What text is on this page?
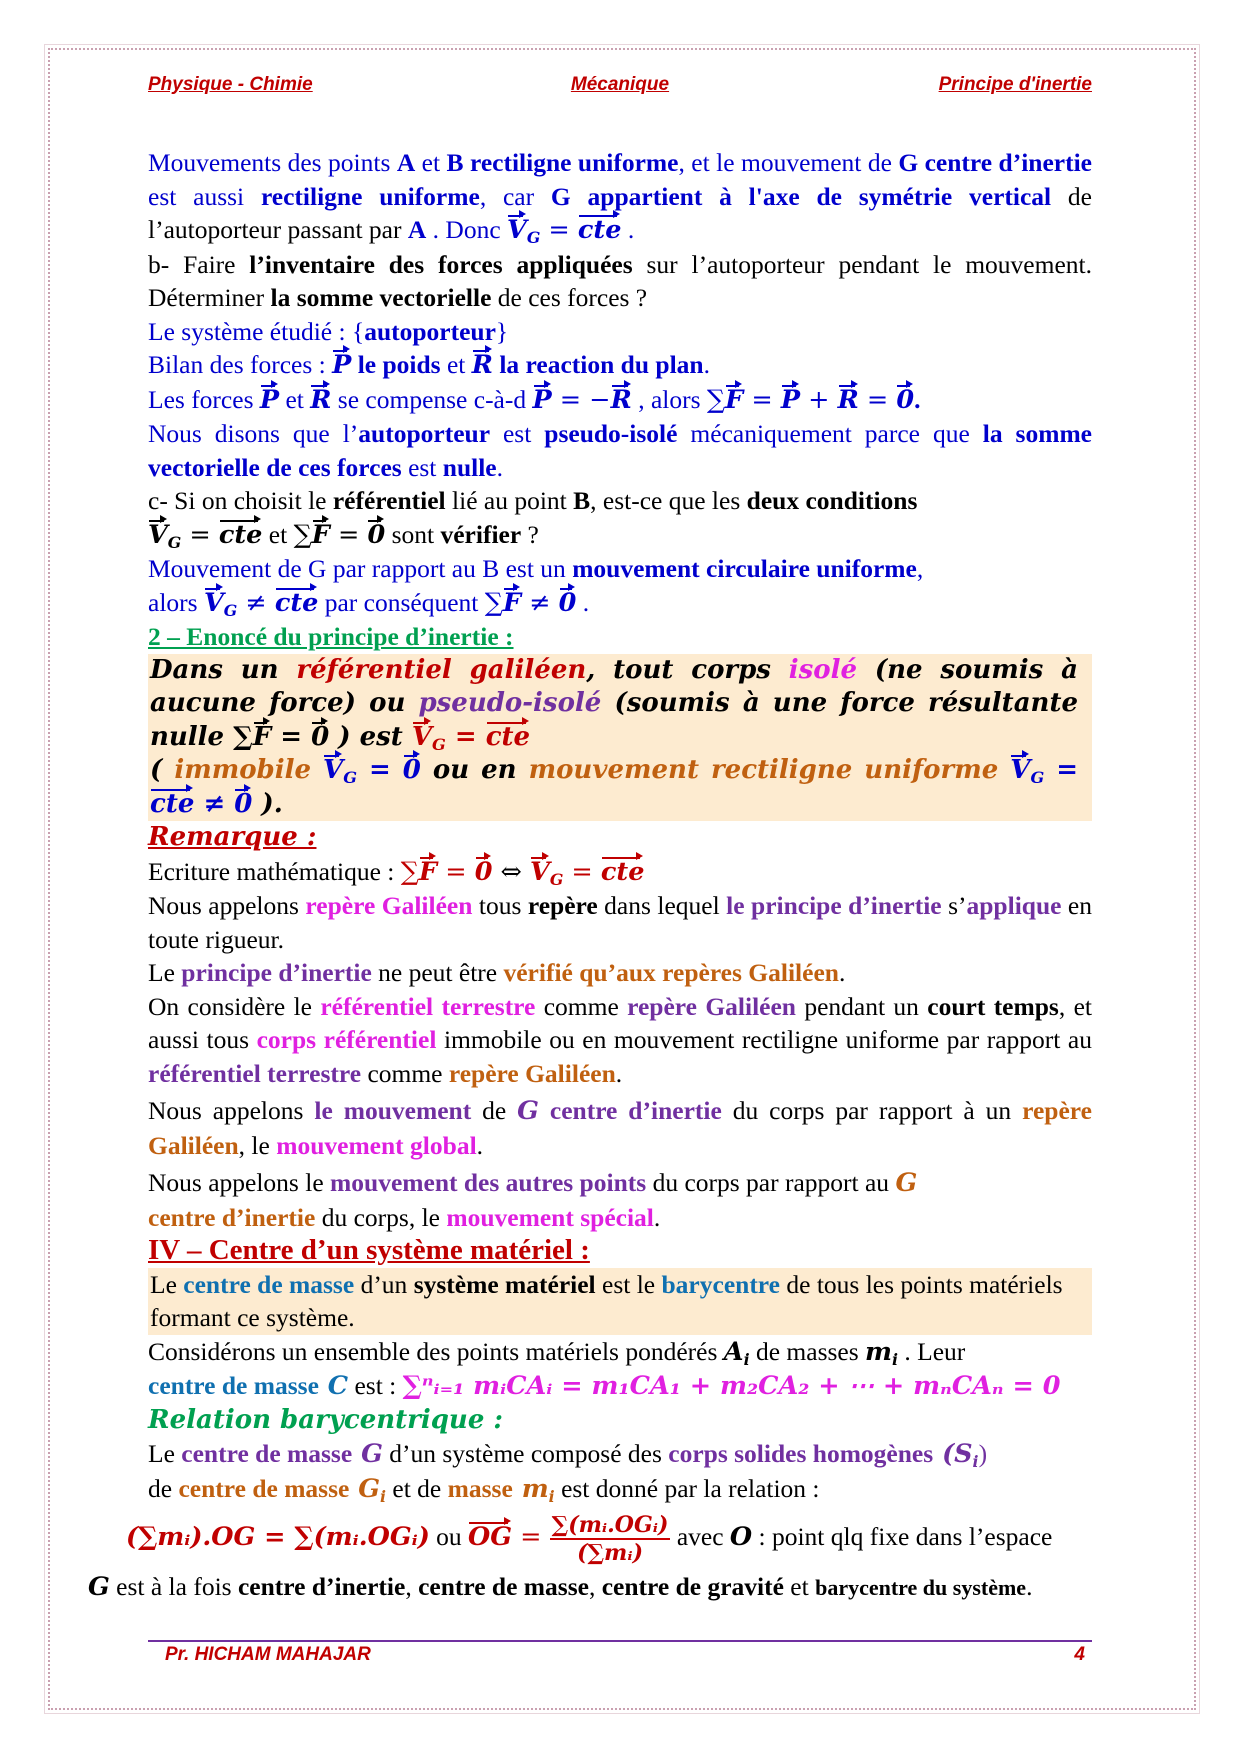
Physique - Chimie	Mécanique	Principe d'inertie

Mouvements des points A et B rectiligne uniforme, et le mouvement de G centre d’inertie est aussi rectiligne uniforme, car G appartient à l'axe de symétrie vertical de l’autoporteur passant par A . Donc $V_G$ = cte .

b- Faire l’inventaire des forces appliquées sur l’autoporteur pendant le mouvement. Déterminer la somme vectorielle de ces forces ?

Le système étudié : {autoporteur}

Bilan des forces : P le poids et R la reaction du plan.

Les forces P et R se compense c-à-d P = −R , alors ∑F = P + R = 0.

Nous disons que l’autoporteur est pseudo-isolé mécaniquement parce que la somme vectorielle de ces forces est nulle.

c- Si on choisit le référentiel lié au point B, est-ce que les deux conditions

$V_G$ = cte et ∑F = 0 sont vérifier ?

Mouvement de G par rapport au B est un mouvement circulaire uniforme,

alors $V_G$ ≠ cte par conséquent ∑F ≠ 0 .

2 – Enoncé du principe d’inertie :

Dans un référentiel galiléen, tout corps isolé (ne soumis à aucune force) ou pseudo-isolé (soumis à une force résultante nulle ∑F = 0 ) est $V_G$ = cte
( immobile $V_G = 0$ ou en mouvement rectiligne uniforme $V_G$ = cte ≠ 0 ).

Remarque :

Ecriture mathématique : ∑F = 0 ⇔ $V_G$ = cte

Nous appelons repère Galiléen tous repère dans lequel le principe d’inertie s’applique en toute rigueur.

Le principe d’inertie ne peut être vérifié qu’aux repères Galiléen.

On considère le référentiel terrestre comme repère Galiléen pendant un court temps, et aussi tous corps référentiel immobile ou en mouvement rectiligne uniforme par rapport au référentiel terrestre comme repère Galiléen.

Nous appelons le mouvement de G centre d’inertie du corps par rapport à un repère Galiléen, le mouvement global.

Nous appelons le mouvement des autres points du corps par rapport au G
centre d’inertie du corps, le mouvement spécial.

IV – Centre d’un système matériel :

Le centre de masse d’un système matériel est le barycentre de tous les points matériels formant ce système.

Considérons un ensemble des points matériels pondérés $A_i$ de masses $m_i$ . Leur

centre de masse C est : ∑ⁿᵢ₌₁ mᵢCAᵢ = m₁CA₁ + m₂CA₂ + ⋯ + mₙCAₙ = 0

Relation barycentrique :

Le centre de masse G d’un système composé des corps solides homogènes $(S_i)$
de centre de masse $G_i$ et de masse $m_i$ est donné par la relation :

(∑mᵢ).OG = ∑(mᵢ.OGᵢ) ou OG = $\frac{\text{∑(mᵢ.OGᵢ)}}{\text{(∑mᵢ)}}$ avec O : point qlq fixe dans l’espace

G est à la fois centre d’inertie, centre de masse, centre de gravité et barycentre du système.

Pr. HICHAM MAHAJAR	4
